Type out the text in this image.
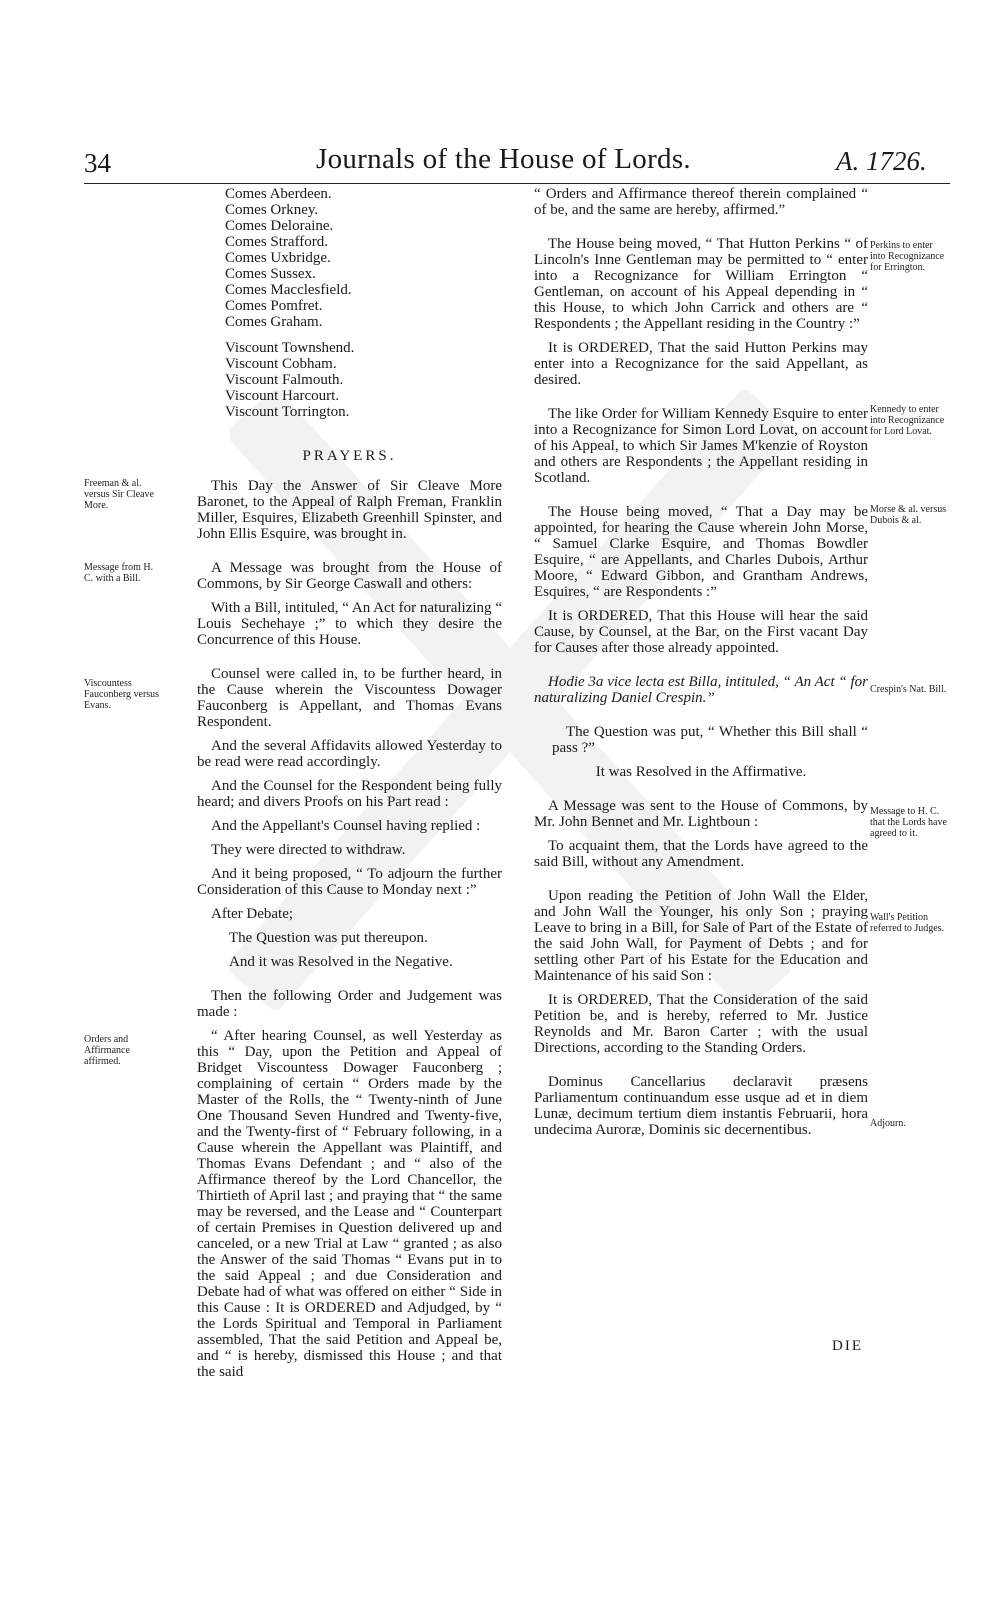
34	Journals of the House of Lords.	A. 1726.
Comes Aberdeen.
Comes Orkney.
Comes Deloraine.
Comes Strafford.
Comes Uxbridge.
Comes Sussex.
Comes Macclesfield.
Comes Pomfret.
Comes Graham.
Viscount Townshend.
Viscount Cobham.
Viscount Falmouth.
Viscount Harcourt.
Viscount Torrington.
PRAYERS.

This Day the Answer of Sir Cleave More Baronet, to the Appeal of Ralph Freman, Franklin Miller, Esquires, Elizabeth Greenhill Spinster, and John Ellis Esquire, was brought in.

A Message was brought from the House of Commons, by Sir George Caswall and others:

With a Bill, intituled, “ An Act for naturalizing “ Louis Sechehaye ;” to which they desire the Concurrence of this House.

Counsel were called in, to be further heard, in the Cause wherein the Viscountess Dowager Fauconberg is Appellant, and Thomas Evans Respondent.

And the several Affidavits allowed Yesterday to be read were read accordingly.

And the Counsel for the Respondent being fully heard; and divers Proofs on his Part read :

And the Appellant's Counsel having replied :

They were directed to withdraw.

And it being proposed, “ To adjourn the further Consideration of this Cause to Monday next :”

After Debate;

The Question was put thereupon.

And it was Resolved in the Negative.

Then the following Order and Judgement was made :

“ After hearing Counsel, as well Yesterday as this “ Day, upon the Petition and Appeal of Bridget Viscountess Dowager Fauconberg ; complaining of certain “ Orders made by the Master of the Rolls, the “ Twenty-ninth of June One Thousand Seven Hundred and Twenty-five, and the Twenty-first of “ February following, in a Cause wherein the Appellant was Plaintiff, and Thomas Evans Defendant ; and “ also of the Affirmance thereof by the Lord Chancellor, the Thirtieth of April last ; and praying that “ the same may be reversed, and the Lease and “ Counterpart of certain Premises in Question delivered up and canceled, or a new Trial at Law “ granted ; as also the Answer of the said Thomas “ Evans put in to the said Appeal ; and due Consideration and Debate had of what was offered on either “ Side in this Cause : It is ORDERED and Adjudged, by “ the Lords Spiritual and Temporal in Parliament assembled, That the said Petition and Appeal be, and “ is hereby, dismissed this House ; and that the said

“ Orders and Affirmance thereof therein complained “ of be, and the same are hereby, affirmed.”

The House being moved, “ That Hutton Perkins “ of Lincoln's Inne Gentleman may be permitted to “ enter into a Recognizance for William Errington “ Gentleman, on account of his Appeal depending in “ this House, to which John Carrick and others are “ Respondents ; the Appellant residing in the Country :”

It is ORDERED, That the said Hutton Perkins may enter into a Recognizance for the said Appellant, as desired.

The like Order for William Kennedy Esquire to enter into a Recognizance for Simon Lord Lovat, on account of his Appeal, to which Sir James M'kenzie of Royston and others are Respondents ; the Appellant residing in Scotland.

The House being moved, “ That a Day may be appointed, for hearing the Cause wherein John Morse, “ Samuel Clarke Esquire, and Thomas Bowdler Esquire, “ are Appellants, and Charles Dubois, Arthur Moore, “ Edward Gibbon, and Grantham Andrews, Esquires, “ are Respondents :”

It is ORDERED, That this House will hear the said Cause, by Counsel, at the Bar, on the First vacant Day for Causes after those already appointed.

Hodie 3a vice lecta est Billa, intituled, “ An Act “ for naturalizing Daniel Crespin.”

The Question was put, “ Whether this Bill shall “ pass ?”

It was Resolved in the Affirmative.

A Message was sent to the House of Commons, by Mr. John Bennet and Mr. Lightboun :

To acquaint them, that the Lords have agreed to the said Bill, without any Amendment.

Upon reading the Petition of John Wall the Elder, and John Wall the Younger, his only Son ; praying Leave to bring in a Bill, for Sale of Part of the Estate of the said John Wall, for Payment of Debts ; and for settling other Part of his Estate for the Education and Maintenance of his said Son :

It is ORDERED, That the Consideration of the said Petition be, and is hereby, referred to Mr. Justice Reynolds and Mr. Baron Carter ; with the usual Directions, according to the Standing Orders.

Dominus Cancellarius declaravit præsens Parliamentum continuandum esse usque ad et in diem Lunæ, decimum tertium diem instantis Februarii, hora undecima Auroræ, Dominis sic decernentibus.

Freeman & al. versus Sir Cleave More.
Message from H. C. with a Bill.
Viscountess Fauconberg versus Evans.
Orders and Affirmance affirmed.
Perkins to enter into Recognizance for Errington.
Kennedy to enter into Recognizance for Lord Lovat.
Morse & al. versus Dubois & al.
Crespin's Nat. Bill.
Message to H. C. that the Lords have agreed to it.
Wall's Petition referred to Judges.
Adjourn.
DIE
